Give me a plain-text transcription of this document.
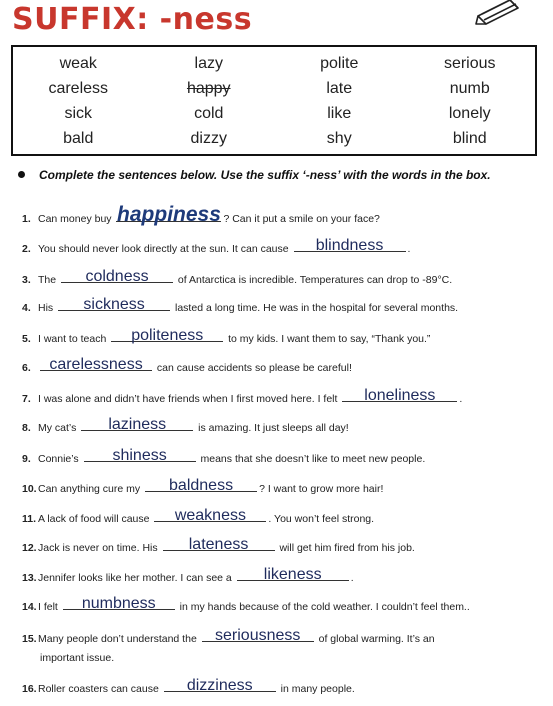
SUFFIX: -ness
weak	lazy	polite	serious
careless	happy	late	numb
sick	cold	like	lonely
bald	dizzy	shy	blind
Complete the sentences below. Use the suffix ‘-ness’ with the words in the box.
1. Can money buy happiness ? Can it put a smile on your face?
2. You should never look directly at the sun. It can cause	blindness	.
3. The	coldness	of Antarctica is incredible. Temperatures can drop to -89°C.
4. His	sickness	lasted a long time. He was in the hospital for several months.
5. I want to teach	politeness	to my kids. I want them to say, “Thank you.”
6.	carelessness	can cause accidents so please be careful!
7. I was alone and didn’t have friends when I first moved here. I felt	loneliness	.
8. My cat’s	laziness	is amazing. It just sleeps all day!
9. Connie’s	shiness	means that she doesn’t like to meet new people.
10.Can anything cure my	baldness	? I want to grow more hair!
11. A lack of food will cause	weakness	. You won’t feel strong.
12.Jack is never on time. His	lateness	will get him fired from his job.
13.Jennifer looks like her mother. I can see a	likeness	.
14.I felt	numbness	in my hands because of the cold weather. I couldn’t feel them..
15.Many people don’t understand the seriousness	of global warming. It’s an
important issue.
16.Roller coasters can cause	dizziness	in many people.
